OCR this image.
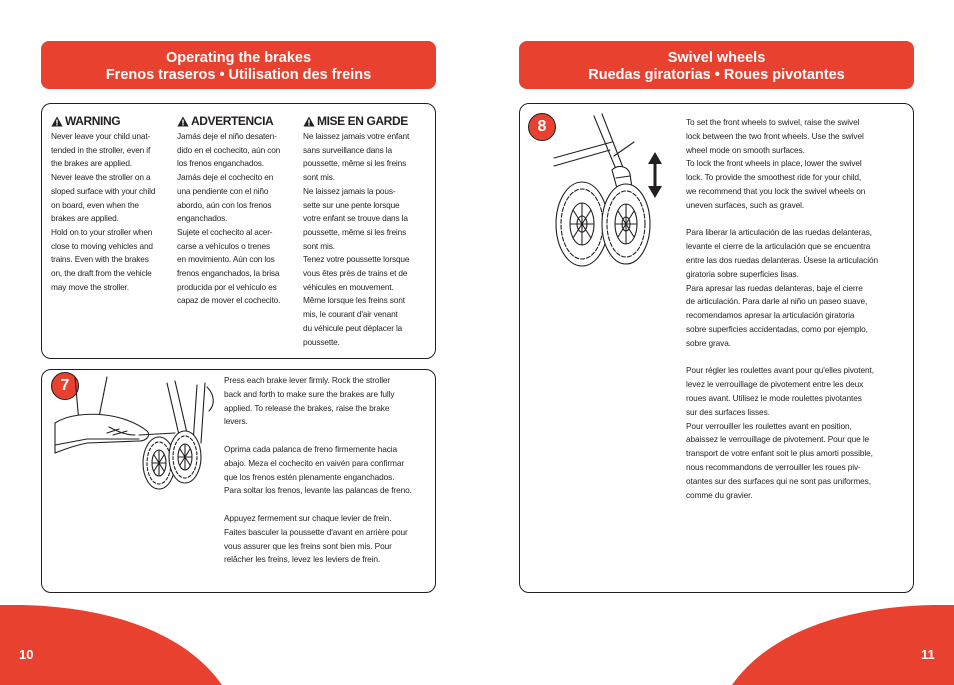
Operating the brakes
Frenos traseros • Utilisation des freins
Swivel wheels
Ruedas giratorias • Roues pivotantes
WARNING
Never leave your child unat-
tended in the stroller, even if
the brakes are applied.
Never leave the stroller on a
sloped surface with your child
on board, even when the
brakes are applied.
Hold on to your stroller when
close to moving vehicles and
trains. Even with the brakes
on, the draft from the vehicle
may move the stroller.
ADVERTENCIA
Jamás deje el niño desaten-
dido en el cochecito, aún con
los frenos enganchados.
Jamás deje el cochecito en
una pendiente con el niño
abordo, aún con los frenos
enganchados.
Sujete el cochecito al acer-
carse a vehículos o trenes
en movimiento. Aún con los
frenos enganchados, la brisa
producida por el vehículo es
capaz de mover el cochecito.
MISE EN GARDE
Ne laissez jamais votre enfant
sans surveillance dans la
poussette, même si les freins
sont mis.
Ne laissez jamais la pous-
sette sur une pente lorsque
votre enfant se trouve dans la
poussette, même si les freins
sont mis.
Tenez votre poussette lorsque
vous êtes près de trains et de
véhicules en mouvement.
Même lorsque les freins sont
mis, le courant d'air venant
du véhicule peut déplacer la
poussette.
7	Press each brake lever firmly. Rock the stroller
back and forth to make sure the brakes are fully
applied. To release the brakes, raise the brake
levers.

Oprima cada palanca de freno firmemente hacia
abajo. Meza el cochecito en vaivén para confirmar
que los frenos estén plenamente enganchados.
Para soltar los frenos, levante las palancas de freno.

Appuyez fermement sur chaque levier de frein.
Faites basculer la poussette d'avant en arrière pour
vous assurer que les freins sont bien mis. Pour
relâcher les freins, levez les leviers de frein.

8	To set the front wheels to swivel, raise the swivel
lock between the two front wheels. Use the swivel
wheel mode on smooth surfaces.
To lock the front wheels in place, lower the swivel
lock. To provide the smoothest ride for your child,
we recommend that you lock the swivel wheels on
uneven surfaces, such as gravel.

Para liberar la articulación de las ruedas delanteras,
levante el cierre de la articulación que se encuentra
entre las dos ruedas delanteras. Úsese la articulación
giratoria sobre superficies lisas.
Para apresar las ruedas delanteras, baje el cierre
de articulación. Para darle al niño un paseo suave,
recomendamos apresar la articulación giratoria
sobre superficies accidentadas, como por ejemplo,
sobre grava.

Pour régler les roulettes avant pour qu'elles pivotent,
levez le verrouillage de pivotement entre les deux
roues avant. Utilisez le mode roulettes pivotantes
sur des surfaces lisses.
Pour verrouiller les roulettes avant en position,
abaissez le verrouillage de pivotement. Pour que le
transport de votre enfant soit le plus amorti possible,
nous recommandons de verrouiller les roues piv-
otantes sur des surfaces qui ne sont pas uniformes,
comme du gravier.

10	11
